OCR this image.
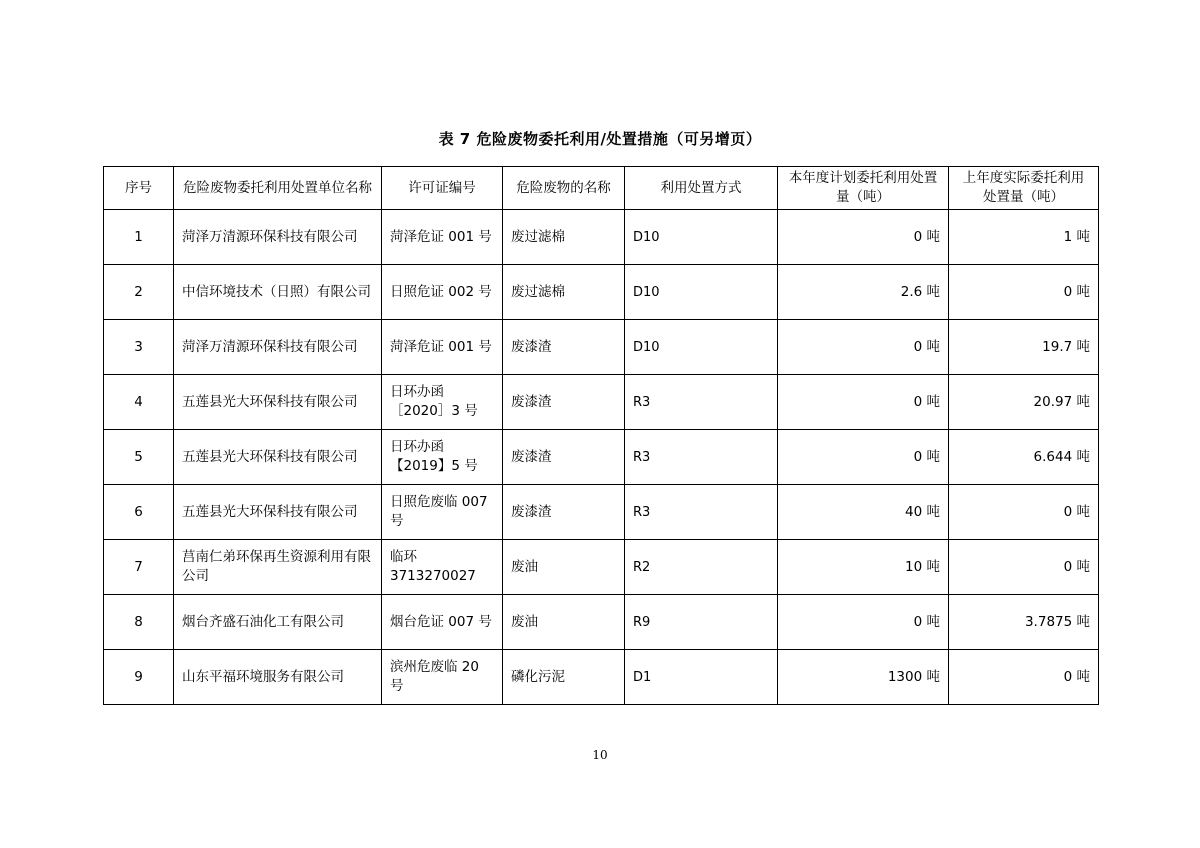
表 7 危险废物委托利用/处置措施（可另增页）
序号	危险废物委托利用处置单位名称	许可证编号	危险废物的名称	利用处置方式	本年度计划委托利用处置量（吨）	上年度实际委托利用处置量（吨）
1	菏泽万清源环保科技有限公司	菏泽危证 001 号	废过滤棉	D10	0 吨	1 吨
2	中信环境技术（日照）有限公司	日照危证 002 号	废过滤棉	D10	2.6 吨	0 吨
3	菏泽万清源环保科技有限公司	菏泽危证 001 号	废漆渣	D10	0 吨	19.7 吨
4	五莲县光大环保科技有限公司	日环办函［2020］3 号	废漆渣	R3	0 吨	20.97 吨
5	五莲县光大环保科技有限公司	日环办函【2019】5 号	废漆渣	R3	0 吨	6.644 吨
6	五莲县光大环保科技有限公司	日照危废临 007 号	废漆渣	R3	40 吨	0 吨
7	莒南仁弟环保再生资源利用有限公司	临环 3713270027	废油	R2	10 吨	0 吨
8	烟台齐盛石油化工有限公司	烟台危证 007 号	废油	R9	0 吨	3.7875 吨
9	山东平福环境服务有限公司	滨州危废临 20 号	磷化污泥	D1	1300 吨	0 吨
10
